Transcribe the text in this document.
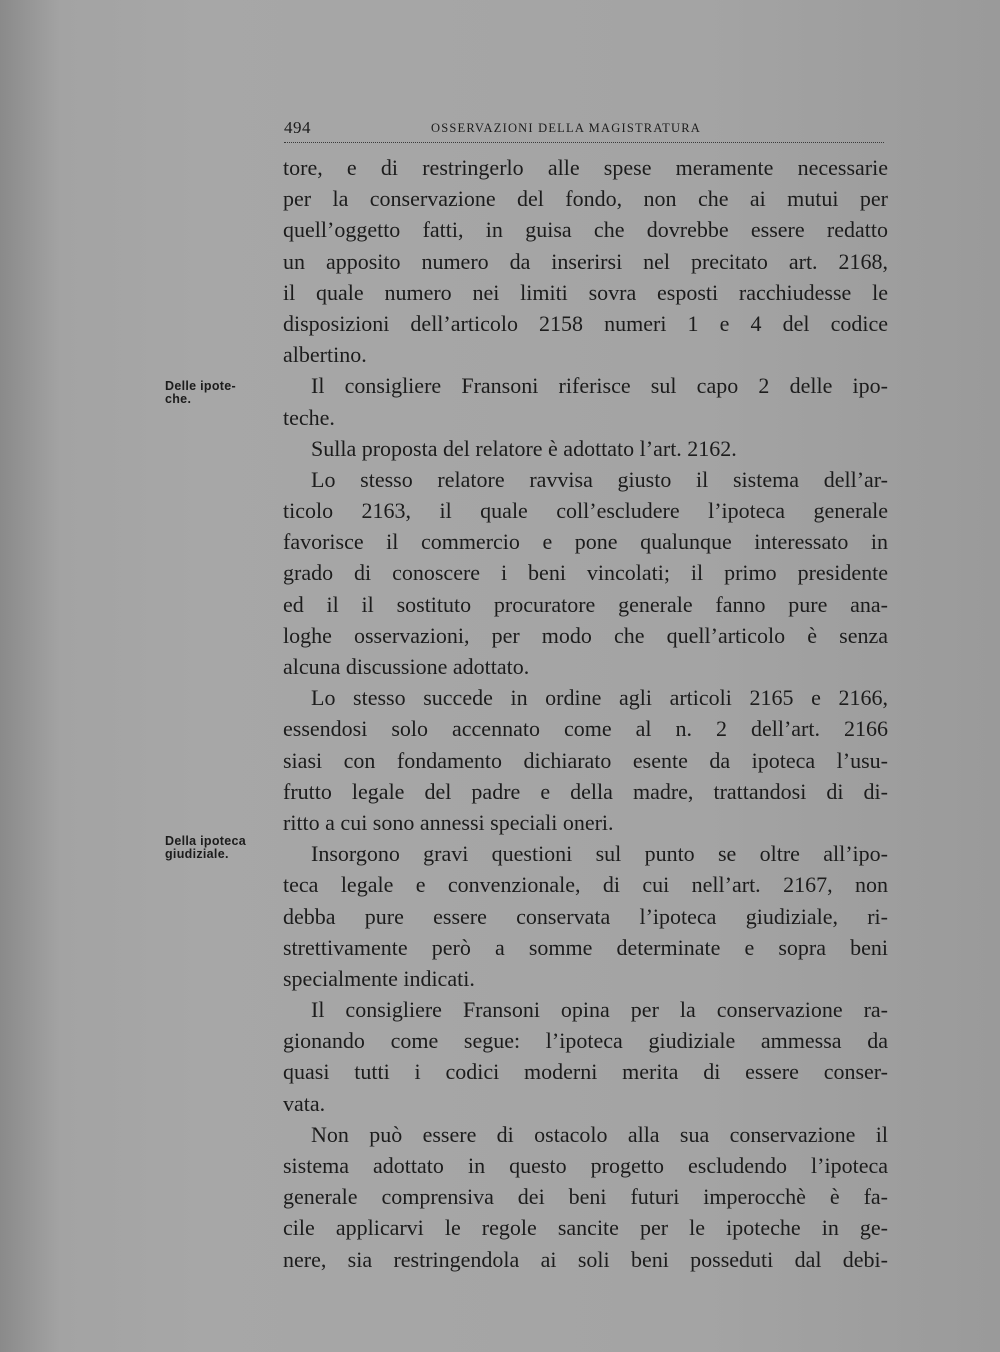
494	OSSERVAZIONI DELLA MAGISTRATURA
Delle ipote-
che.
Della ipoteca
giudiziale.
tore, e di restringerlo alle spese meramente necessarie
per la conservazione del fondo, non che ai mutui per
quell’oggetto fatti, in guisa che dovrebbe essere redatto
un apposito numero da inserirsi nel precitato art. 2168,
il quale numero nei limiti sovra esposti racchiudesse le
disposizioni dell’articolo 2158 numeri 1 e 4 del codice
albertino.
Il consigliere Fransoni riferisce sul capo 2 delle ipo-
teche.
Sulla proposta del relatore è adottato l’art. 2162.
Lo stesso relatore ravvisa giusto il sistema dell’ar-
ticolo 2163, il quale coll’escludere l’ipoteca generale
favorisce il commercio e pone qualunque interessato in
grado di conoscere i beni vincolati; il primo presidente
ed il il sostituto procuratore generale fanno pure ana-
loghe osservazioni, per modo che quell’articolo è senza
alcuna discussione adottato.
Lo stesso succede in ordine agli articoli 2165 e 2166,
essendosi solo accennato come al n. 2 dell’art. 2166
siasi con fondamento dichiarato esente da ipoteca l’usu-
frutto legale del padre e della madre, trattandosi di di-
ritto a cui sono annessi speciali oneri.
Insorgono gravi questioni sul punto se oltre all’ipo-
teca legale e convenzionale, di cui nell’art. 2167, non
debba pure essere conservata l’ipoteca giudiziale, ri-
strettivamente però a somme determinate e sopra beni
specialmente indicati.
Il consigliere Fransoni opina per la conservazione ra-
gionando come segue: l’ipoteca giudiziale ammessa da
quasi tutti i codici moderni merita di essere conser-
vata.
Non può essere di ostacolo alla sua conservazione il
sistema adottato in questo progetto escludendo l’ipoteca
generale comprensiva dei beni futuri imperocchè è fa-
cile applicarvi le regole sancite per le ipoteche in ge-
nere, sia restringendola ai soli beni posseduti dal debi-
